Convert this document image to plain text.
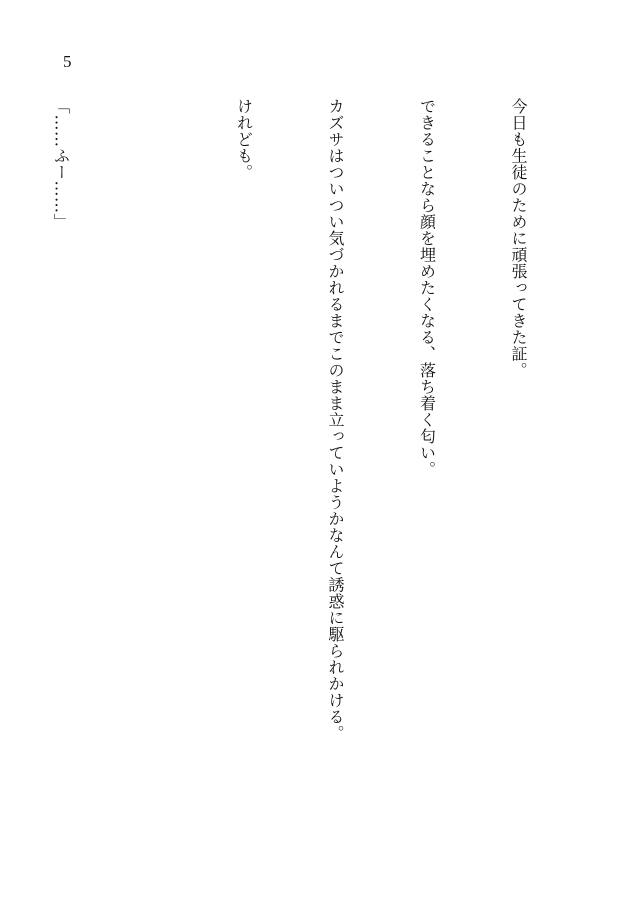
5

今日も生徒のために頑張ってきた証。

できることなら顔を埋めたくなる、落ち着く匂い。

カズサはついつい気づかれるまでこのまま立っていようかなんて誘惑に駆られかける。

けれども。

「……ふー……」
